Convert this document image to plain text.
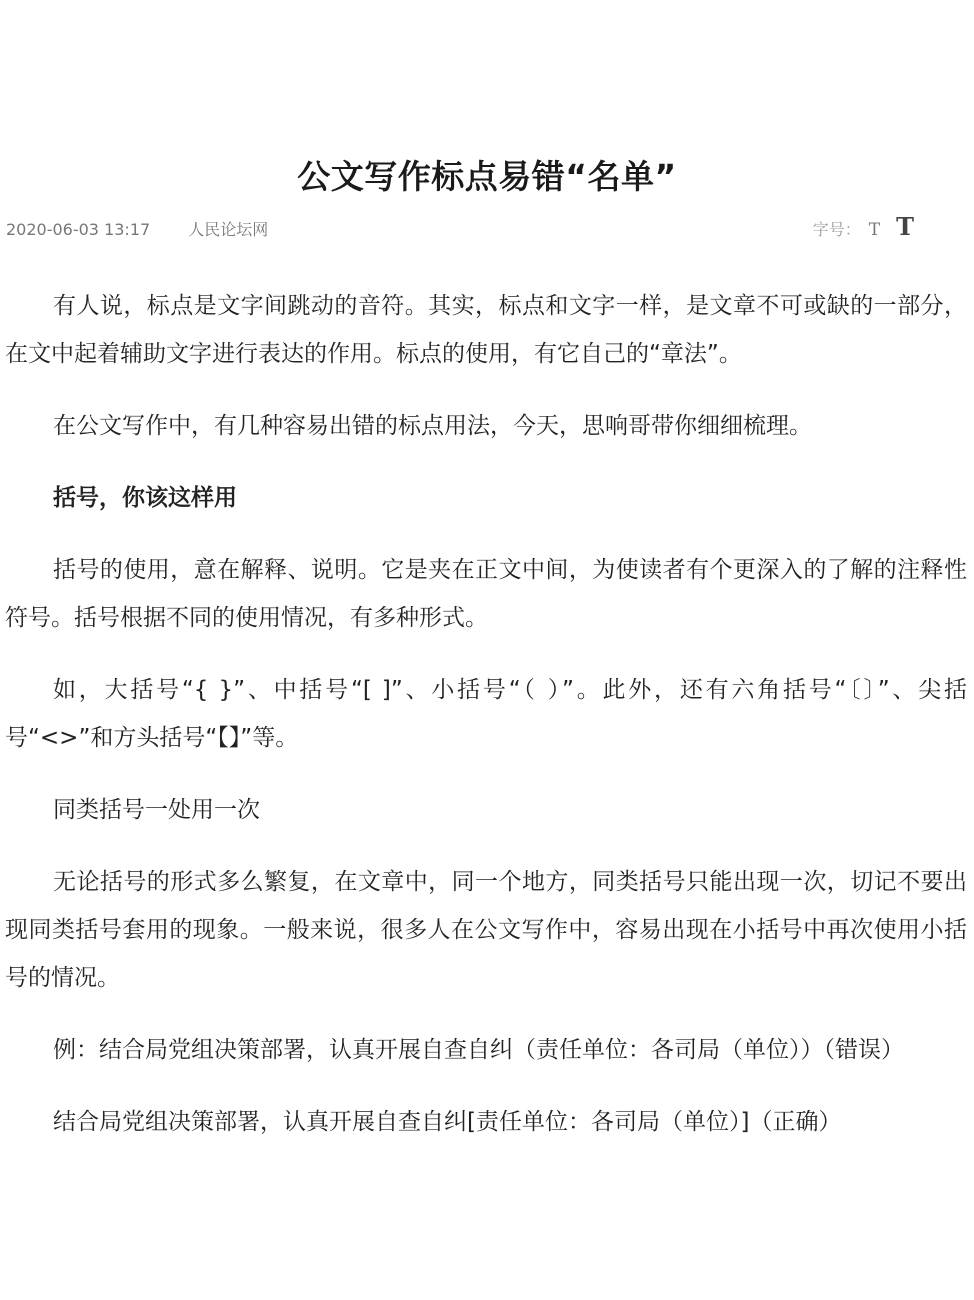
公文写作标点易错“名单”
2020-06-03 13:17 人民论坛网	字号： T T

有人说，标点是文字间跳动的音符。其实，标点和文字一样，是文章不可或缺的一部分，在文中起着辅助文字进行表达的作用。标点的使用，有它自己的“章法”。

在公文写作中，有几种容易出错的标点用法，今天，思响哥带你细细梳理。

括号，你该这样用

括号的使用，意在解释、说明。它是夹在正文中间，为使读者有个更深入的了解的注释性符号。括号根据不同的使用情况，有多种形式。

如，大括号“{ }”、中括号“[ ]”、小括号“（ ）”。此外，还有六角括号“〔〕”、尖括号“<>”和方头括号“【】”等。

同类括号一处用一次

无论括号的形式多么繁复，在文章中，同一个地方，同类括号只能出现一次，切记不要出现同类括号套用的现象。一般来说，很多人在公文写作中，容易出现在小括号中再次使用小括号的情况。

例：结合局党组决策部署，认真开展自查自纠（责任单位：各司局（单位））（错误）

结合局党组决策部署，认真开展自查自纠[责任单位：各司局（单位）]（正确）
